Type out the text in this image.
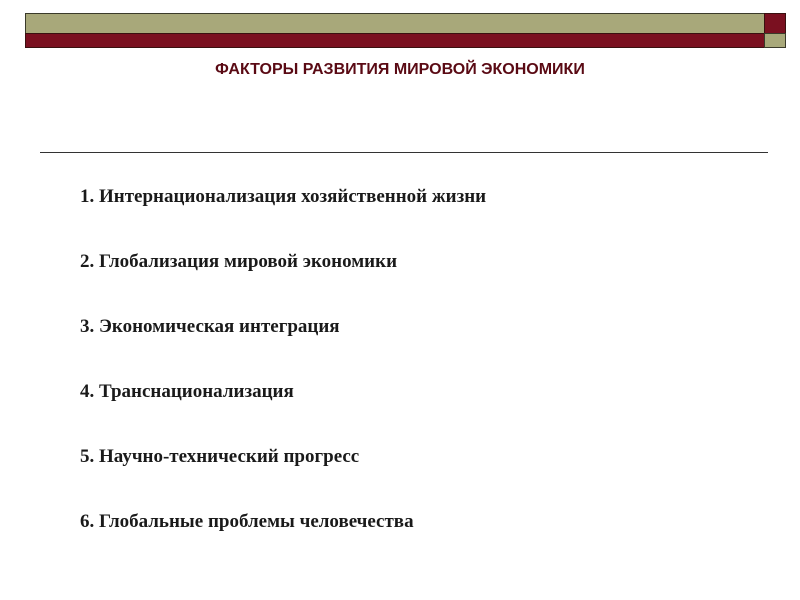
ФАКТОРЫ РАЗВИТИЯ МИРОВОЙ ЭКОНОМИКИ
1. Интернационализация хозяйственной жизни
2. Глобализация мировой экономики
3. Экономическая интеграция
4. Транснационализация
5. Научно-технический прогресс
6. Глобальные проблемы человечества
